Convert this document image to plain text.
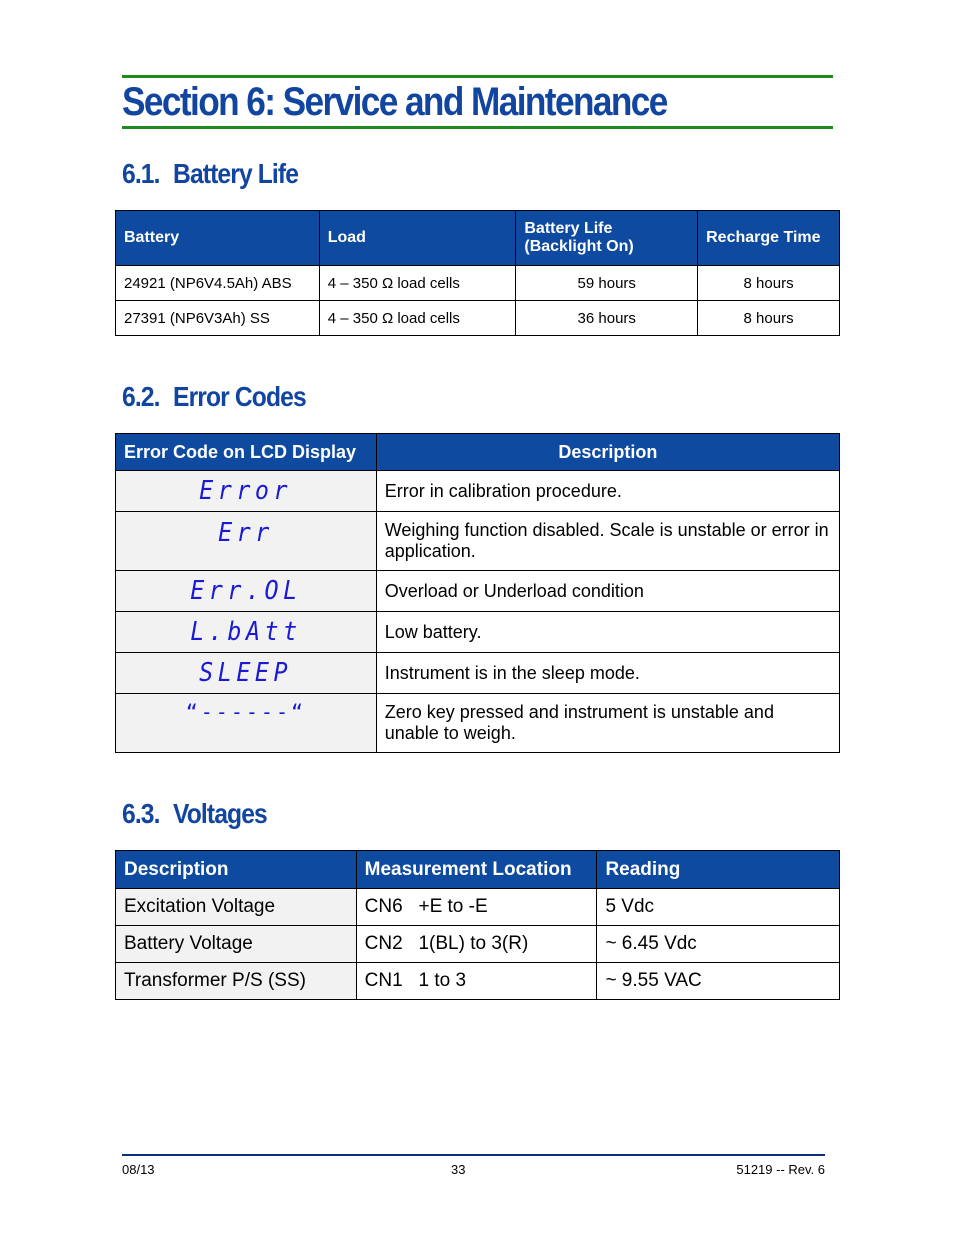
Section 6: Service and Maintenance
6.1. Battery Life
Battery	Load	Battery Life (Backlight On)	Recharge Time
24921 (NP6V4.5Ah) ABS	4 – 350 Ω load cells	59 hours	8 hours
27391 (NP6V3Ah) SS	4 – 350 Ω load cells	36 hours	8 hours
6.2. Error Codes
Error Code on LCD Display	Description
Error	Error in calibration procedure.
Err	Weighing function disabled. Scale is unstable or error in application.
Err.OL	Overload or Underload condition
L.bAtt	Low battery.
SLEEP	Instrument is in the sleep mode.
“------“	Zero key pressed and instrument is unstable and unable to weigh.
6.3. Voltages
Description	Measurement Location	Reading
Excitation Voltage	CN6   +E to -E	5 Vdc
Battery Voltage	CN2   1(BL) to 3(R)	~ 6.45 Vdc
Transformer P/S (SS)	CN1   1 to 3	~ 9.55 VAC
08/13	33	51219 -- Rev. 6
